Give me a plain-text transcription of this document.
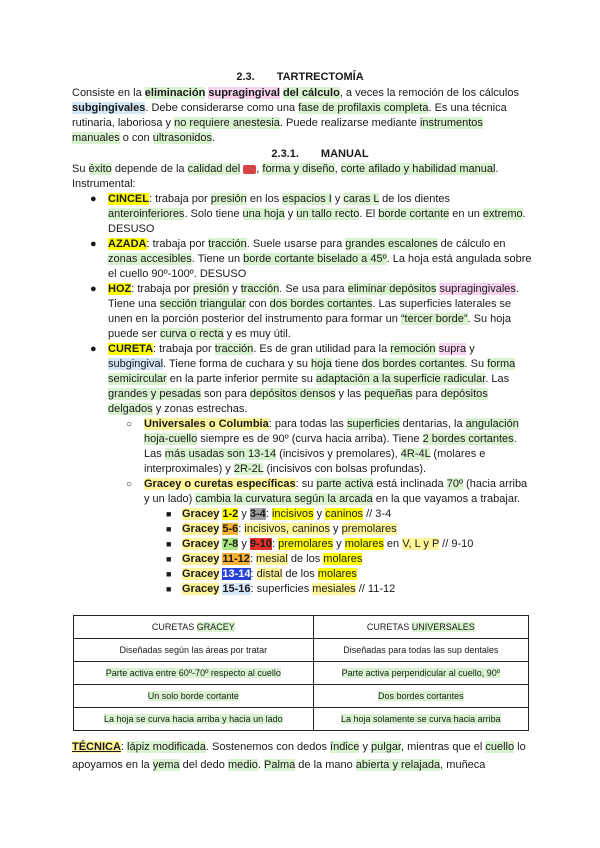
2.3. TARTRECTOMÍA
Consiste en la eliminación supragingival del cálculo, a veces la remoción de los cálculos subgingivales. Debe considerarse como una fase de profilaxis completa. Es una técnica rutinaria, laboriosa y no requiere anestesia. Puede realizarse mediante instrumentos manuales o con ultrasonidos.
2.3.1. MANUAL
Su éxito depende de la calidad del , forma y diseño, corte afilado y habilidad manual. Instrumental:
● CINCEL: trabaja por presión en los espacios I y caras L de los dientes anteroinferiores. Solo tiene una hoja y un tallo recto. El borde cortante en un extremo. DESUSO
● AZADA: trabaja por tracción. Suele usarse para grandes escalones de cálculo en zonas accesibles. Tiene un borde cortante biselado a 45º. La hoja está angulada sobre el cuello 90º-100º. DESUSO
● HOZ: trabaja por presión y tracción. Se usa para eliminar depósitos supragingivales. Tiene una sección triangular con dos bordes cortantes. Las superficies laterales se unen en la porción posterior del instrumento para formar un “tercer borde”. Su hoja puede ser curva o recta y es muy útil.
● CURETA: trabaja por tracción. Es de gran utilidad para la remoción supra y subgingival. Tiene forma de cuchara y su hoja tiene dos bordes cortantes. Su forma semicircular en la parte inferior permite su adaptación a la superficie radicular. Las grandes y pesadas son para depósitos densos y las pequeñas para depósitos delgados y zonas estrechas.
○ Universales o Columbia: para todas las superficies dentarias, la angulación hoja-cuello siempre es de 90º (curva hacia arriba). Tiene 2 bordes cortantes. Las más usadas son 13-14 (incisivos y premolares), 4R-4L (molares e interproximales) y 2R-2L (incisivos con bolsas profundas).
○ Gracey o curetas específicas: su parte activa está inclinada 70º (hacia arriba y un lado) cambia la curvatura según la arcada en la que vayamos a trabajar.
■ Gracey 1-2 y 3-4: incisivos y caninos // 3-4
■ Gracey 5-6: incisivos, caninos y premolares
■ Gracey 7-8 y 9-10: premolares y molares en V, L y P // 9-10
■ Gracey 11-12: mesial de los molares
■ Gracey 13-14: distal de los molares
■ Gracey 15-16: superficies mesiales // 11-12
CURETAS GRACEY	CURETAS UNIVERSALES
Diseñadas según las áreas por tratar	Diseñadas para todas las sup dentales
Parte activa entre 60º-70º respecto al cuello	Parte activa perpendicular al cuello, 90º
Un solo borde cortante	Dos bordes cortantes
La hoja se curva hacia arriba y hacia un lado	La hoja solamente se curva hacia arriba
TÉCNICA: lápiz modificada. Sostenemos con dedos índice y pulgar, mientras que el cuello lo apoyamos en la yema del dedo medio. Palma de la mano abierta y relajada, muñeca
